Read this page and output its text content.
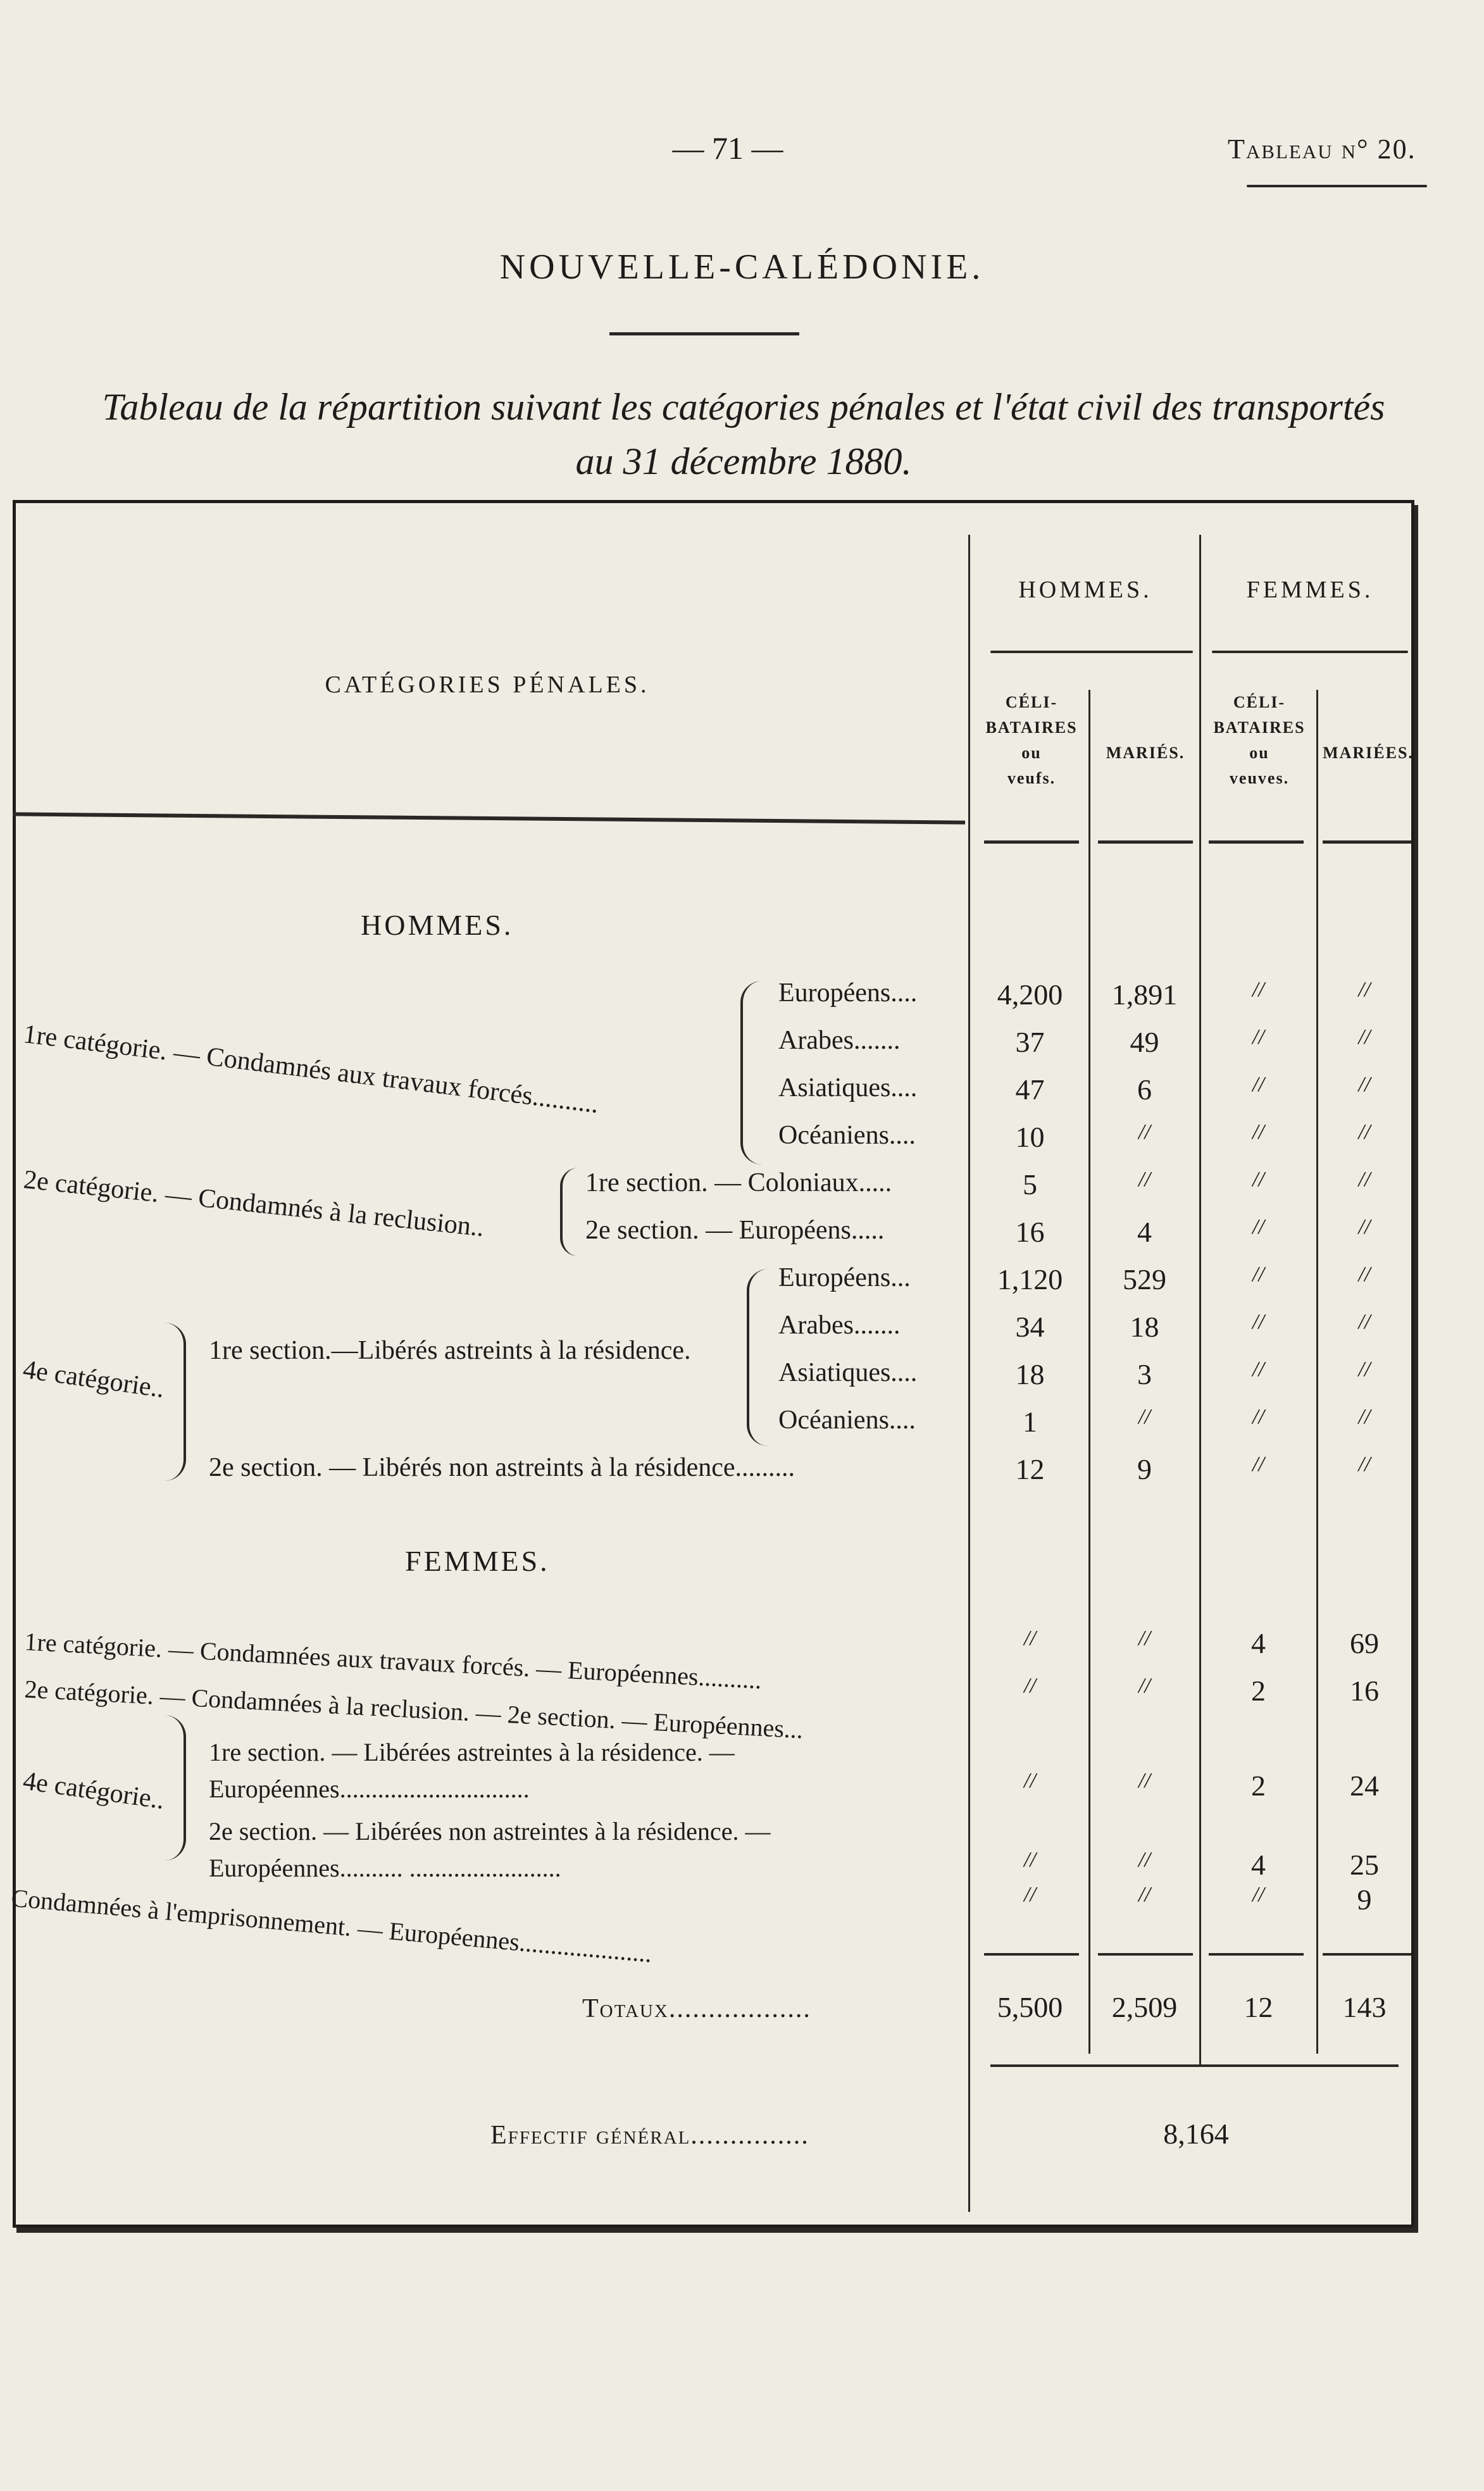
— 71 —	Tableau n° 20.
NOUVELLE-CALÉDONIE.
Tableau de la répartition suivant les catégories pénales et l'état civil des transportés
au 31 décembre 1880.
CATÉGORIES PÉNALES.
HOMMES.	FEMMES.
CÉLI-
BATAIRES
ou
veufs.
MARIÉS.
CÉLI-
BATAIRES
ou
veuves.
MARIÉES.
HOMMES.
1re catégorie. — Condamnés aux travaux forcés..........
2e catégorie. — Condamnés à la reclusion..
4e catégorie..
1re section.—Libérés astreints à la résidence.
Européens....	4,200	1,891	//	//
Arabes.......	37	49	//	//
Asiatiques....	47	6	//	//
Océaniens....	10	//	//	//
1re section. — Coloniaux.....	5	//	//	//
2e section. — Européens.....	16	4	//	//
Européens...	1,120	529	//	//
Arabes.......	34	18	//	//
Asiatiques....	18	3	//	//
Océaniens....	1	//	//	//
2e section. — Libérés non astreints à la résidence.........	12	9	//	//
1re catégorie. — Condamnées aux travaux forcés. — Européennes..........	//	//	4	69
2e catégorie. — Condamnées à la reclusion. — 2e section. — Européennes...	//	//	2	16
1re section. — Libérées astreintes à la résidence. — Européennes..............................	//	//	2	24
2e section. — Libérées non astreintes à la résidence. — Européennes.......... ........................	//	//	4	25
Condamnées à l'emprisonnement. — Européennes.....................	//	//	//	9
FEMMES.
4e catégorie..
Totaux..................	5,500	2,509	12	143
Effectif général...............	8,164
